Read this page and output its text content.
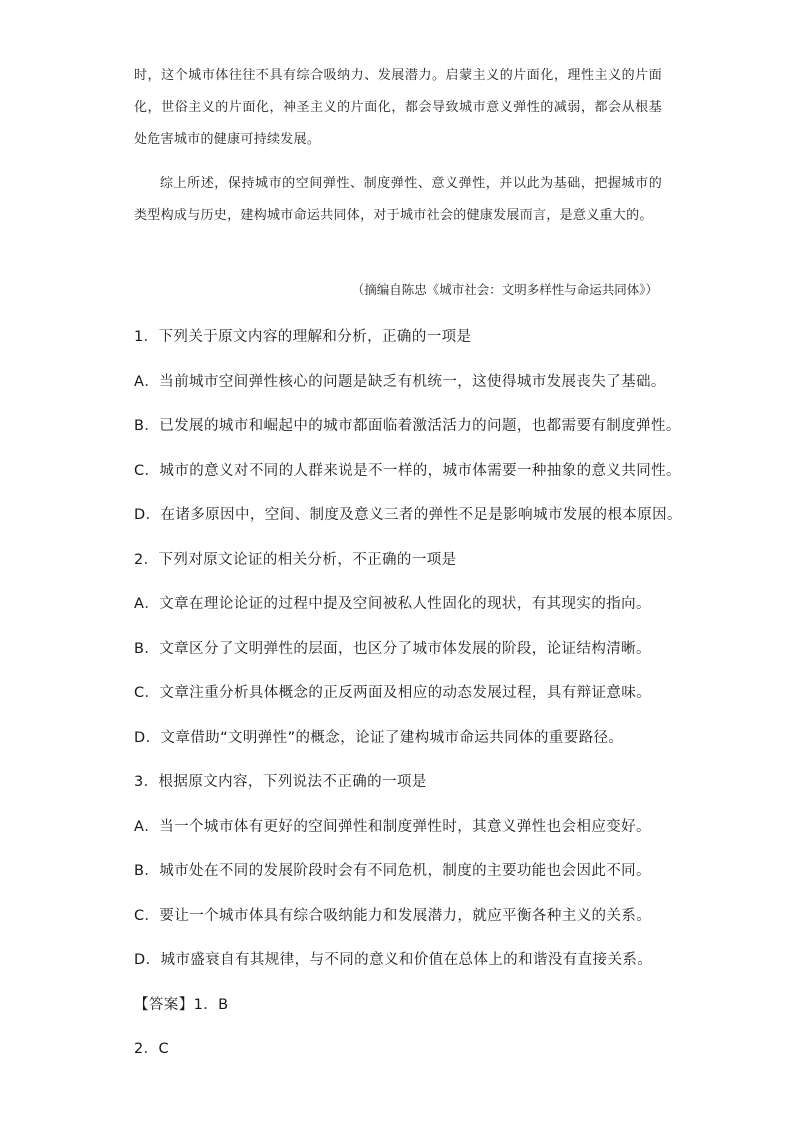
时，这个城市体往往不具有综合吸纳力、发展潜力。启蒙主义的片面化，理性主义的片面化，世俗主义的片面化，神圣主义的片面化，都会导致城市意义弹性的减弱，都会从根基处危害城市的健康可持续发展。
综上所述，保持城市的空间弹性、制度弹性、意义弹性，并以此为基础，把握城市的类型构成与历史，建构城市命运共同体，对于城市社会的健康发展而言，是意义重大的。
（摘编自陈忠《城市社会：文明多样性与命运共同体》）
1．下列关于原文内容的理解和分析，正确的一项是
A．当前城市空间弹性核心的问题是缺乏有机统一，这使得城市发展丧失了基础。
B．已发展的城市和崛起中的城市都面临着激活活力的问题，也都需要有制度弹性。
C．城市的意义对不同的人群来说是不一样的，城市体需要一种抽象的意义共同性。
D．在诸多原因中，空间、制度及意义三者的弹性不足是影响城市发展的根本原因。
2．下列对原文论证的相关分析，不正确的一项是
A．文章在理论论证的过程中提及空间被私人性固化的现状，有其现实的指向。
B．文章区分了文明弹性的层面，也区分了城市体发展的阶段，论证结构清晰。
C．文章注重分析具体概念的正反两面及相应的动态发展过程，具有辩证意味。
D．文章借助“文明弹性”的概念，论证了建构城市命运共同体的重要路径。
3．根据原文内容，下列说法不正确的一项是
A．当一个城市体有更好的空间弹性和制度弹性时，其意义弹性也会相应变好。
B．城市处在不同的发展阶段时会有不同危机，制度的主要功能也会因此不同。
C．要让一个城市体具有综合吸纳能力和发展潜力，就应平衡各种主义的关系。
D．城市盛衰自有其规律，与不同的意义和价值在总体上的和谐没有直接关系。
【答案】1．B
2．C
